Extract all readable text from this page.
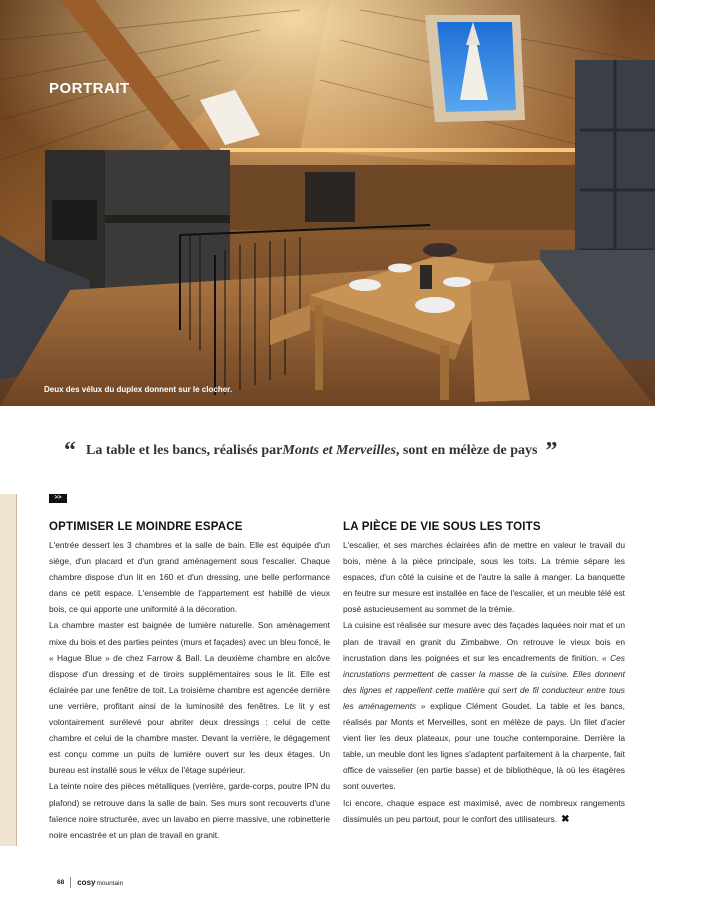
PORTRAIT
Deux des vélux du duplex donnent sur le clocher.
“ La table et les bancs, réalisés par Monts et Merveilles , sont en mélèze de pays ”
>>
OPTIMISER LE MOINDRE ESPACE

L'entrée dessert les 3 chambres et la salle de bain. Elle est équipée d'un siège, d'un placard et d'un grand aménagement sous l'escalier. Chaque chambre dispose d'un lit en 160 et d'un dressing, une belle performance dans ce petit espace. L'ensemble de l'appartement est habillé de vieux bois, ce qui apporte une uniformité à la décoration.

La chambre master est baignée de lumière naturelle. Son aménagement mixe du bois et des parties peintes (murs et façades) avec un bleu foncé, le « Hague Blue » de chez Farrow & Ball. La deuxième chambre en alcôve dispose d'un dressing et de tiroirs supplémentaires sous le lit. Elle est éclairée par une fenêtre de toit. La troisième chambre est agencée derrière une verrière, profitant ainsi de la luminosité des fenêtres. Le lit y est volontairement surélevé pour abriter deux dressings : celui de cette chambre et celui de la chambre master. Devant la verrière, le dégagement est conçu comme un puits de lumière ouvert sur les deux étages. Un bureau est installé sous le vélux de l'étage supérieur.

La teinte noire des pièces métalliques (verrière, garde-corps, poutre IPN du plafond) se retrouve dans la salle de bain. Ses murs sont recouverts d'une faïence noire structurée, avec un lavabo en pierre massive, une robinetterie noire encastrée et un plan de travail en granit.

LA PIÈCE DE VIE SOUS LES TOITS

L'escalier, et ses marches éclairées afin de mettre en valeur le travail du bois, mène à la pièce principale, sous les toits. La trémie sépare les espaces, d'un côté la cuisine et de l'autre la salle à manger. La banquette en feutre sur mesure est installée en face de l'escalier, et un meuble télé est posé astucieusement au sommet de la trémie.

La cuisine est réalisée sur mesure avec des façades laquées noir mat et un plan de travail en granit du Zimbabwe. On retrouve le vieux bois en incrustation dans les poignées et sur les encadrements de finition. « Ces incrustations permettent de casser la masse de la cuisine. Elles donnent des lignes et rappellent cette matière qui sert de fil conducteur entre tous les aménagements » explique Clément Goudet. La table et les bancs, réalisés par Monts et Merveilles, sont en mélèze de pays. Un filet d'acier vient lier les deux plateaux, pour une touche contemporaine. Derrière la table, un meuble dont les lignes s'adaptent parfaitement à la charpente, fait office de vaisselier (en partie basse) et de bibliothèque, là où les étagères sont ouvertes.

Ici encore, chaque espace est maximisé, avec de nombreux rangements dissimulés un peu partout, pour le confort des utilisateurs. ✖

68 cosymountain
